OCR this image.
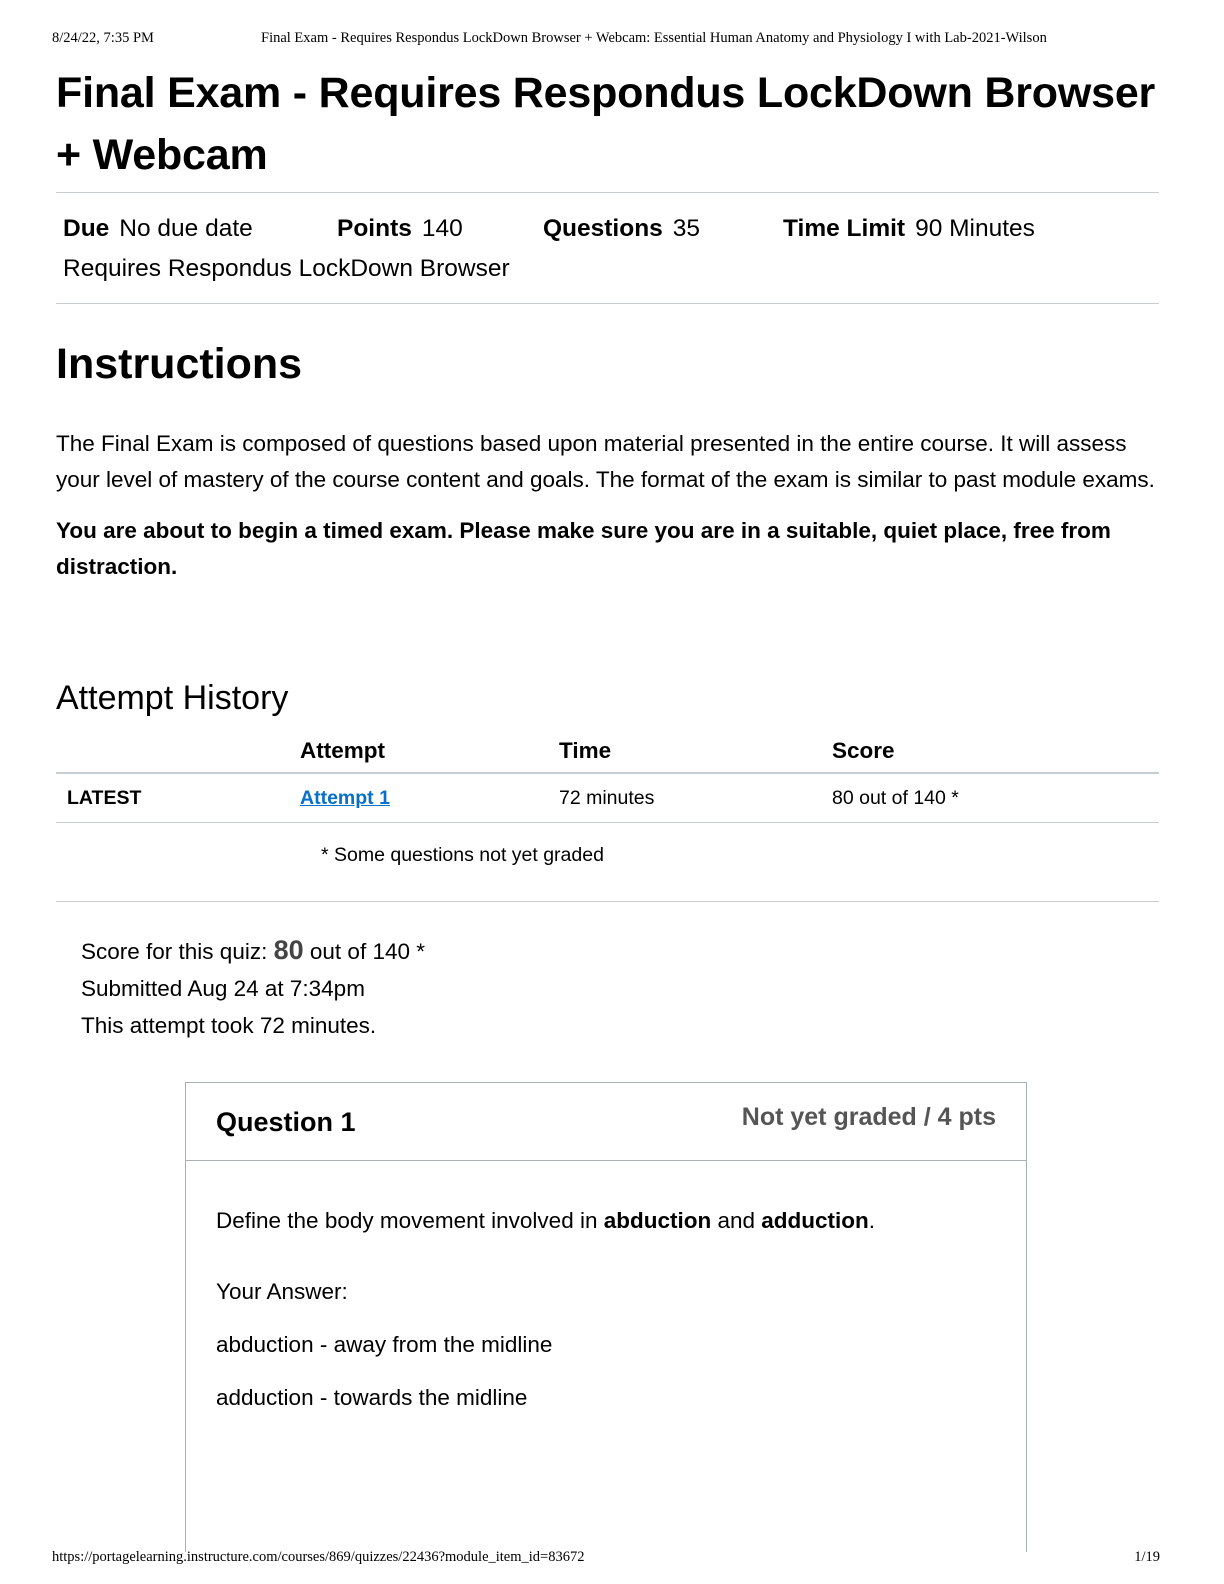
8/24/22, 7:35 PM	Final Exam - Requires Respondus LockDown Browser + Webcam: Essential Human Anatomy and Physiology I with Lab-2021-Wilson
Final Exam - Requires Respondus LockDown Browser + Webcam
Due No due date	Points 140	Questions 35	Time Limit 90 Minutes
Requires Respondus LockDown Browser
Instructions

The Final Exam is composed of questions based upon material presented in the entire course. It will assess your level of mastery of the course content and goals. The format of the exam is similar to past module exams.

You are about to begin a timed exam. Please make sure you are in a suitable, quiet place, free from distraction.

Attempt History
	Attempt	Time	Score
LATEST	Attempt 1	72 minutes	80 out of 140 *
* Some questions not yet graded
Score for this quiz: 80 out of 140 *
Submitted Aug 24 at 7:34pm
This attempt took 72 minutes.
Question 1	Not yet graded / 4 pts

Define the body movement involved in abduction and adduction.

Your Answer:

abduction - away from the midline

adduction - towards the midline

https://portagelearning.instructure.com/courses/869/quizzes/22436?module_item_id=83672	1/19
